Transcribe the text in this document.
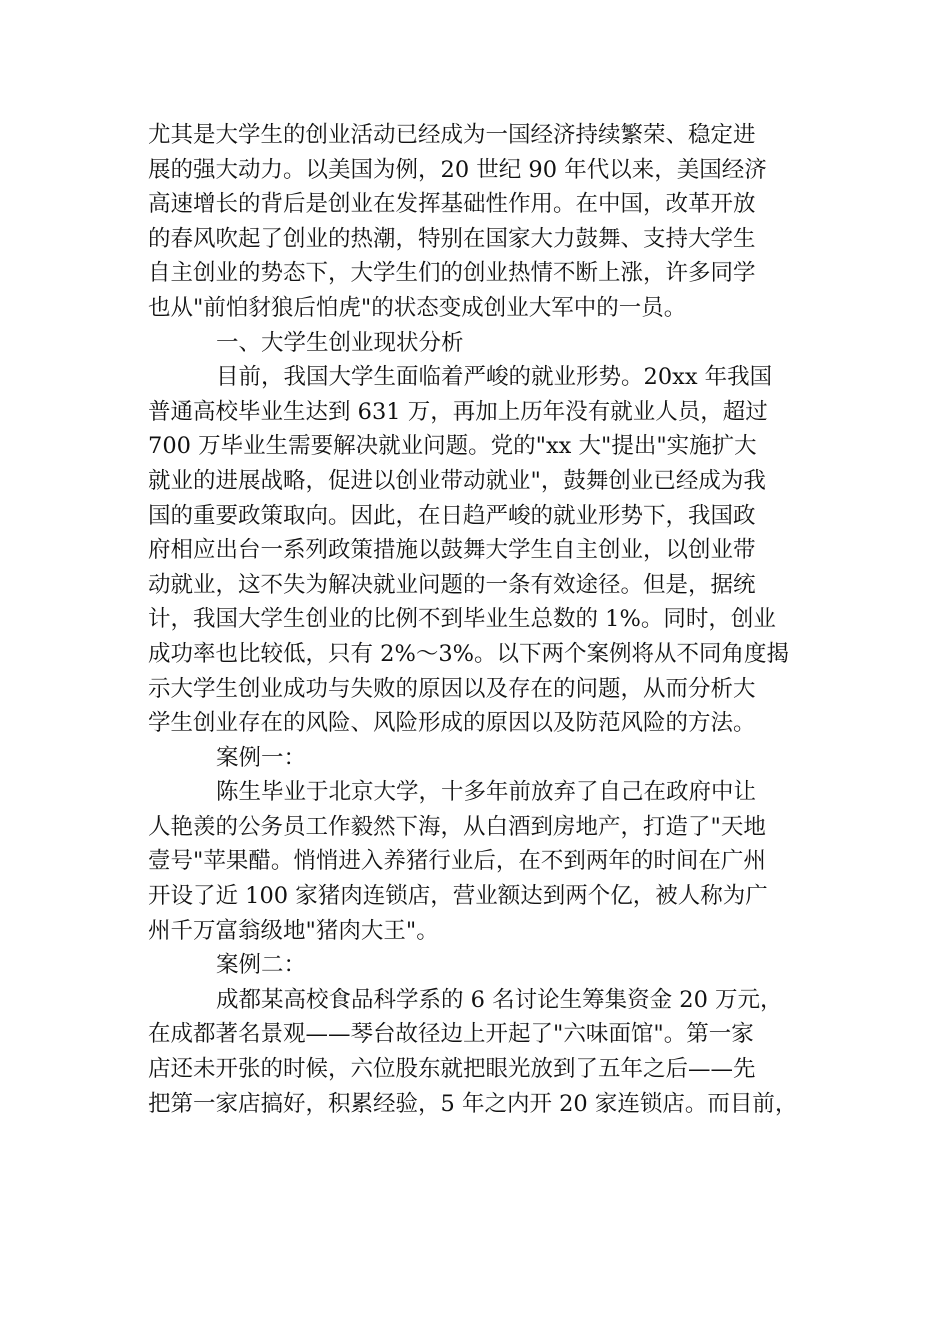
尤其是大学生的创业活动已经成为一国经济持续繁荣、稳定进
展的强大动力。以美国为例，20 世纪 90 年代以来，美国经济
高速增长的背后是创业在发挥基础性作用。在中国，改革开放
的春风吹起了创业的热潮，特别在国家大力鼓舞、支持大学生
自主创业的势态下，大学生们的创业热情不断上涨，许多同学
也从"前怕豺狼后怕虎"的状态变成创业大军中的一员。
一、大学生创业现状分析
目前，我国大学生面临着严峻的就业形势。20xx 年我国
普通高校毕业生达到 631 万，再加上历年没有就业人员，超过
700 万毕业生需要解决就业问题。党的"xx 大"提出"实施扩大
就业的进展战略，促进以创业带动就业"，鼓舞创业已经成为我
国的重要政策取向。因此，在日趋严峻的就业形势下，我国政
府相应出台一系列政策措施以鼓舞大学生自主创业，以创业带
动就业，这不失为解决就业问题的一条有效途径。但是，据统
计，我国大学生创业的比例不到毕业生总数的 1%。同时，创业
成功率也比较低，只有 2%～3%。以下两个案例将从不同角度揭
示大学生创业成功与失败的原因以及存在的问题，从而分析大
学生创业存在的风险、风险形成的原因以及防范风险的方法。
案例一：
陈生毕业于北京大学，十多年前放弃了自己在政府中让
人艳羡的公务员工作毅然下海，从白酒到房地产，打造了"天地
壹号"苹果醋。悄悄进入养猪行业后，在不到两年的时间在广州
开设了近 100 家猪肉连锁店，营业额达到两个亿，被人称为广
州千万富翁级地"猪肉大王"。
案例二：
成都某高校食品科学系的 6 名讨论生筹集资金 20 万元，
在成都著名景观——琴台故径边上开起了"六味面馆"。第一家
店还未开张的时候，六位股东就把眼光放到了五年之后——先
把第一家店搞好，积累经验，5 年之内开 20 家连锁店。而目前，
